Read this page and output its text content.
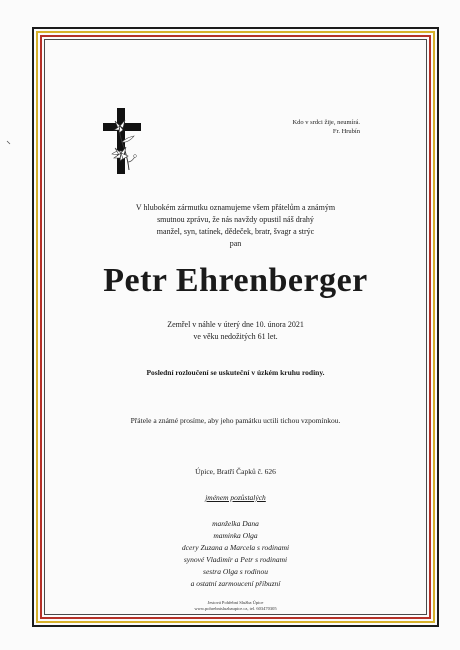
Kdo v srdci žije, neumírá.
Fr. Hrubín
V hlubokém zármutku oznamujeme všem přátelům a známým
smutnou zprávu, že nás navždy opustil náš drahý
manžel, syn, tatínek, dědeček, bratr, švagr a strýc
pan
Petr Ehrenberger
Zemřel v náhle v úterý dne 10. února 2021
ve věku nedožitých 61 let.
Poslední rozloučení se uskuteční v úzkém kruhu rodiny.
Přátele a známé prosíme, aby jeho památku uctili tichou vzpomínkou.
Úpice, Bratří Čapků č. 626
jménem pozůstalých
manželka Dana
maminka Olga
dcery Zuzana a Marcela s rodinami
synové Vladimír a Petr s rodinami
sestra Olga s rodinou
a ostatní zarmoucení příbuzní
Jestová Pohřební Služba Úpice
www.pohrebnisluzbaupice.cz, tel. 603470305
